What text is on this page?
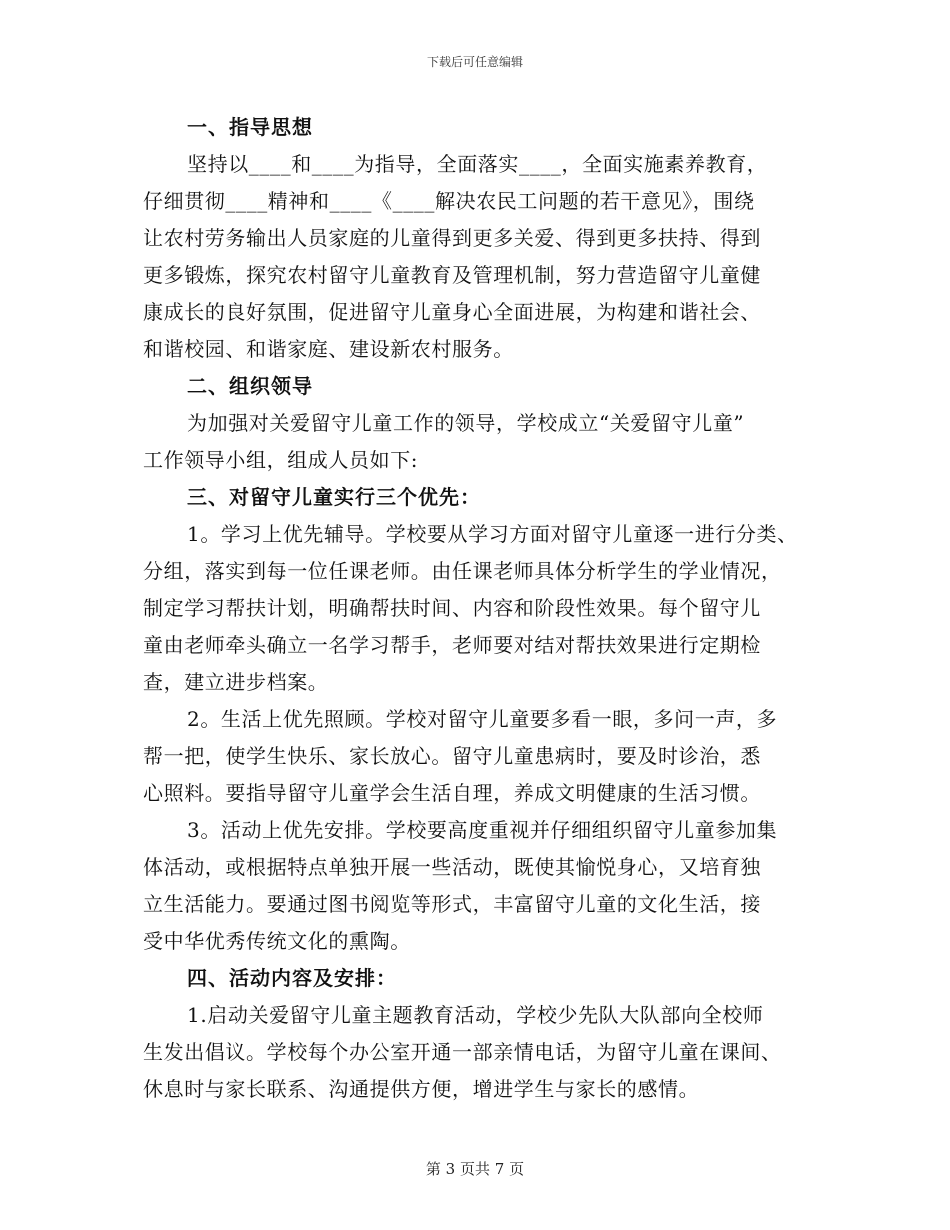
下载后可任意编辑
一、指导思想
坚持以____和____为指导，全面落实____，全面实施素养教育，
仔细贯彻____精神和____《____解决农民工问题的若干意见》，围绕
让农村劳务输出人员家庭的儿童得到更多关爱、得到更多扶持、得到
更多锻炼，探究农村留守儿童教育及管理机制，努力营造留守儿童健
康成长的良好氛围，促进留守儿童身心全面进展，为构建和谐社会、
和谐校园、和谐家庭、建设新农村服务。
二、组织领导
为加强对关爱留守儿童工作的领导，学校成立“关爱留守儿童”
工作领导小组，组成人员如下:
三、对留守儿童实行三个优先：
1。学习上优先辅导。学校要从学习方面对留守儿童逐一进行分类、
分组，落实到每一位任课老师。由任课老师具体分析学生的学业情况，
制定学习帮扶计划，明确帮扶时间、内容和阶段性效果。每个留守儿
童由老师牵头确立一名学习帮手，老师要对结对帮扶效果进行定期检
查，建立进步档案。
2。生活上优先照顾。学校对留守儿童要多看一眼，多问一声，多
帮一把，使学生快乐、家长放心。留守儿童患病时，要及时诊治，悉
心照料。要指导留守儿童学会生活自理，养成文明健康的生活习惯。
3。活动上优先安排。学校要高度重视并仔细组织留守儿童参加集
体活动，或根据特点单独开展一些活动，既使其愉悦身心，又培育独
立生活能力。要通过图书阅览等形式，丰富留守儿童的文化生活，接
受中华优秀传统文化的熏陶。
四、活动内容及安排：
1.启动关爱留守儿童主题教育活动，学校少先队大队部向全校师
生发出倡议。学校每个办公室开通一部亲情电话，为留守儿童在课间、
休息时与家长联系、沟通提供方便，增进学生与家长的感情。
第 3 页共 7 页
